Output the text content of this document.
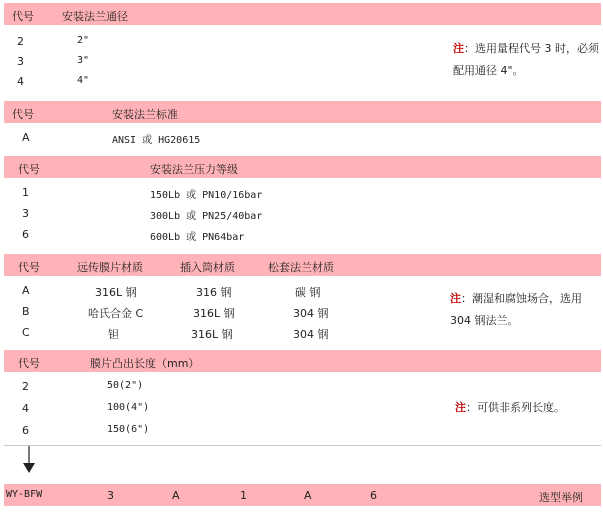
代号	安装法兰通径
2	2"
3	3"
4	4"
注：选用量程代号 3 时，必须配用通径 4"。
代号	安装法兰标准
A	ANSI 或 HG20615
代号	安装法兰压力等级
1	150Lb 或 PN10/16bar
3	300Lb 或 PN25/40bar
6	600Lb 或 PN64bar
代号	远传膜片材质	插入筒材质	松套法兰材质
A	316L 钢	316 钢	碳 钢
B	哈氏合金 C	316L 钢	304 钢
C	钽	316L 钢	304 钢
注：潮湿和腐蚀场合，选用 304 钢法兰。
代号	膜片凸出长度（mm）
2	50(2")
4	100(4")
6	150(6")
注：可供非系列长度。
WY-BFW	3	A	1	A	6	选型举例
